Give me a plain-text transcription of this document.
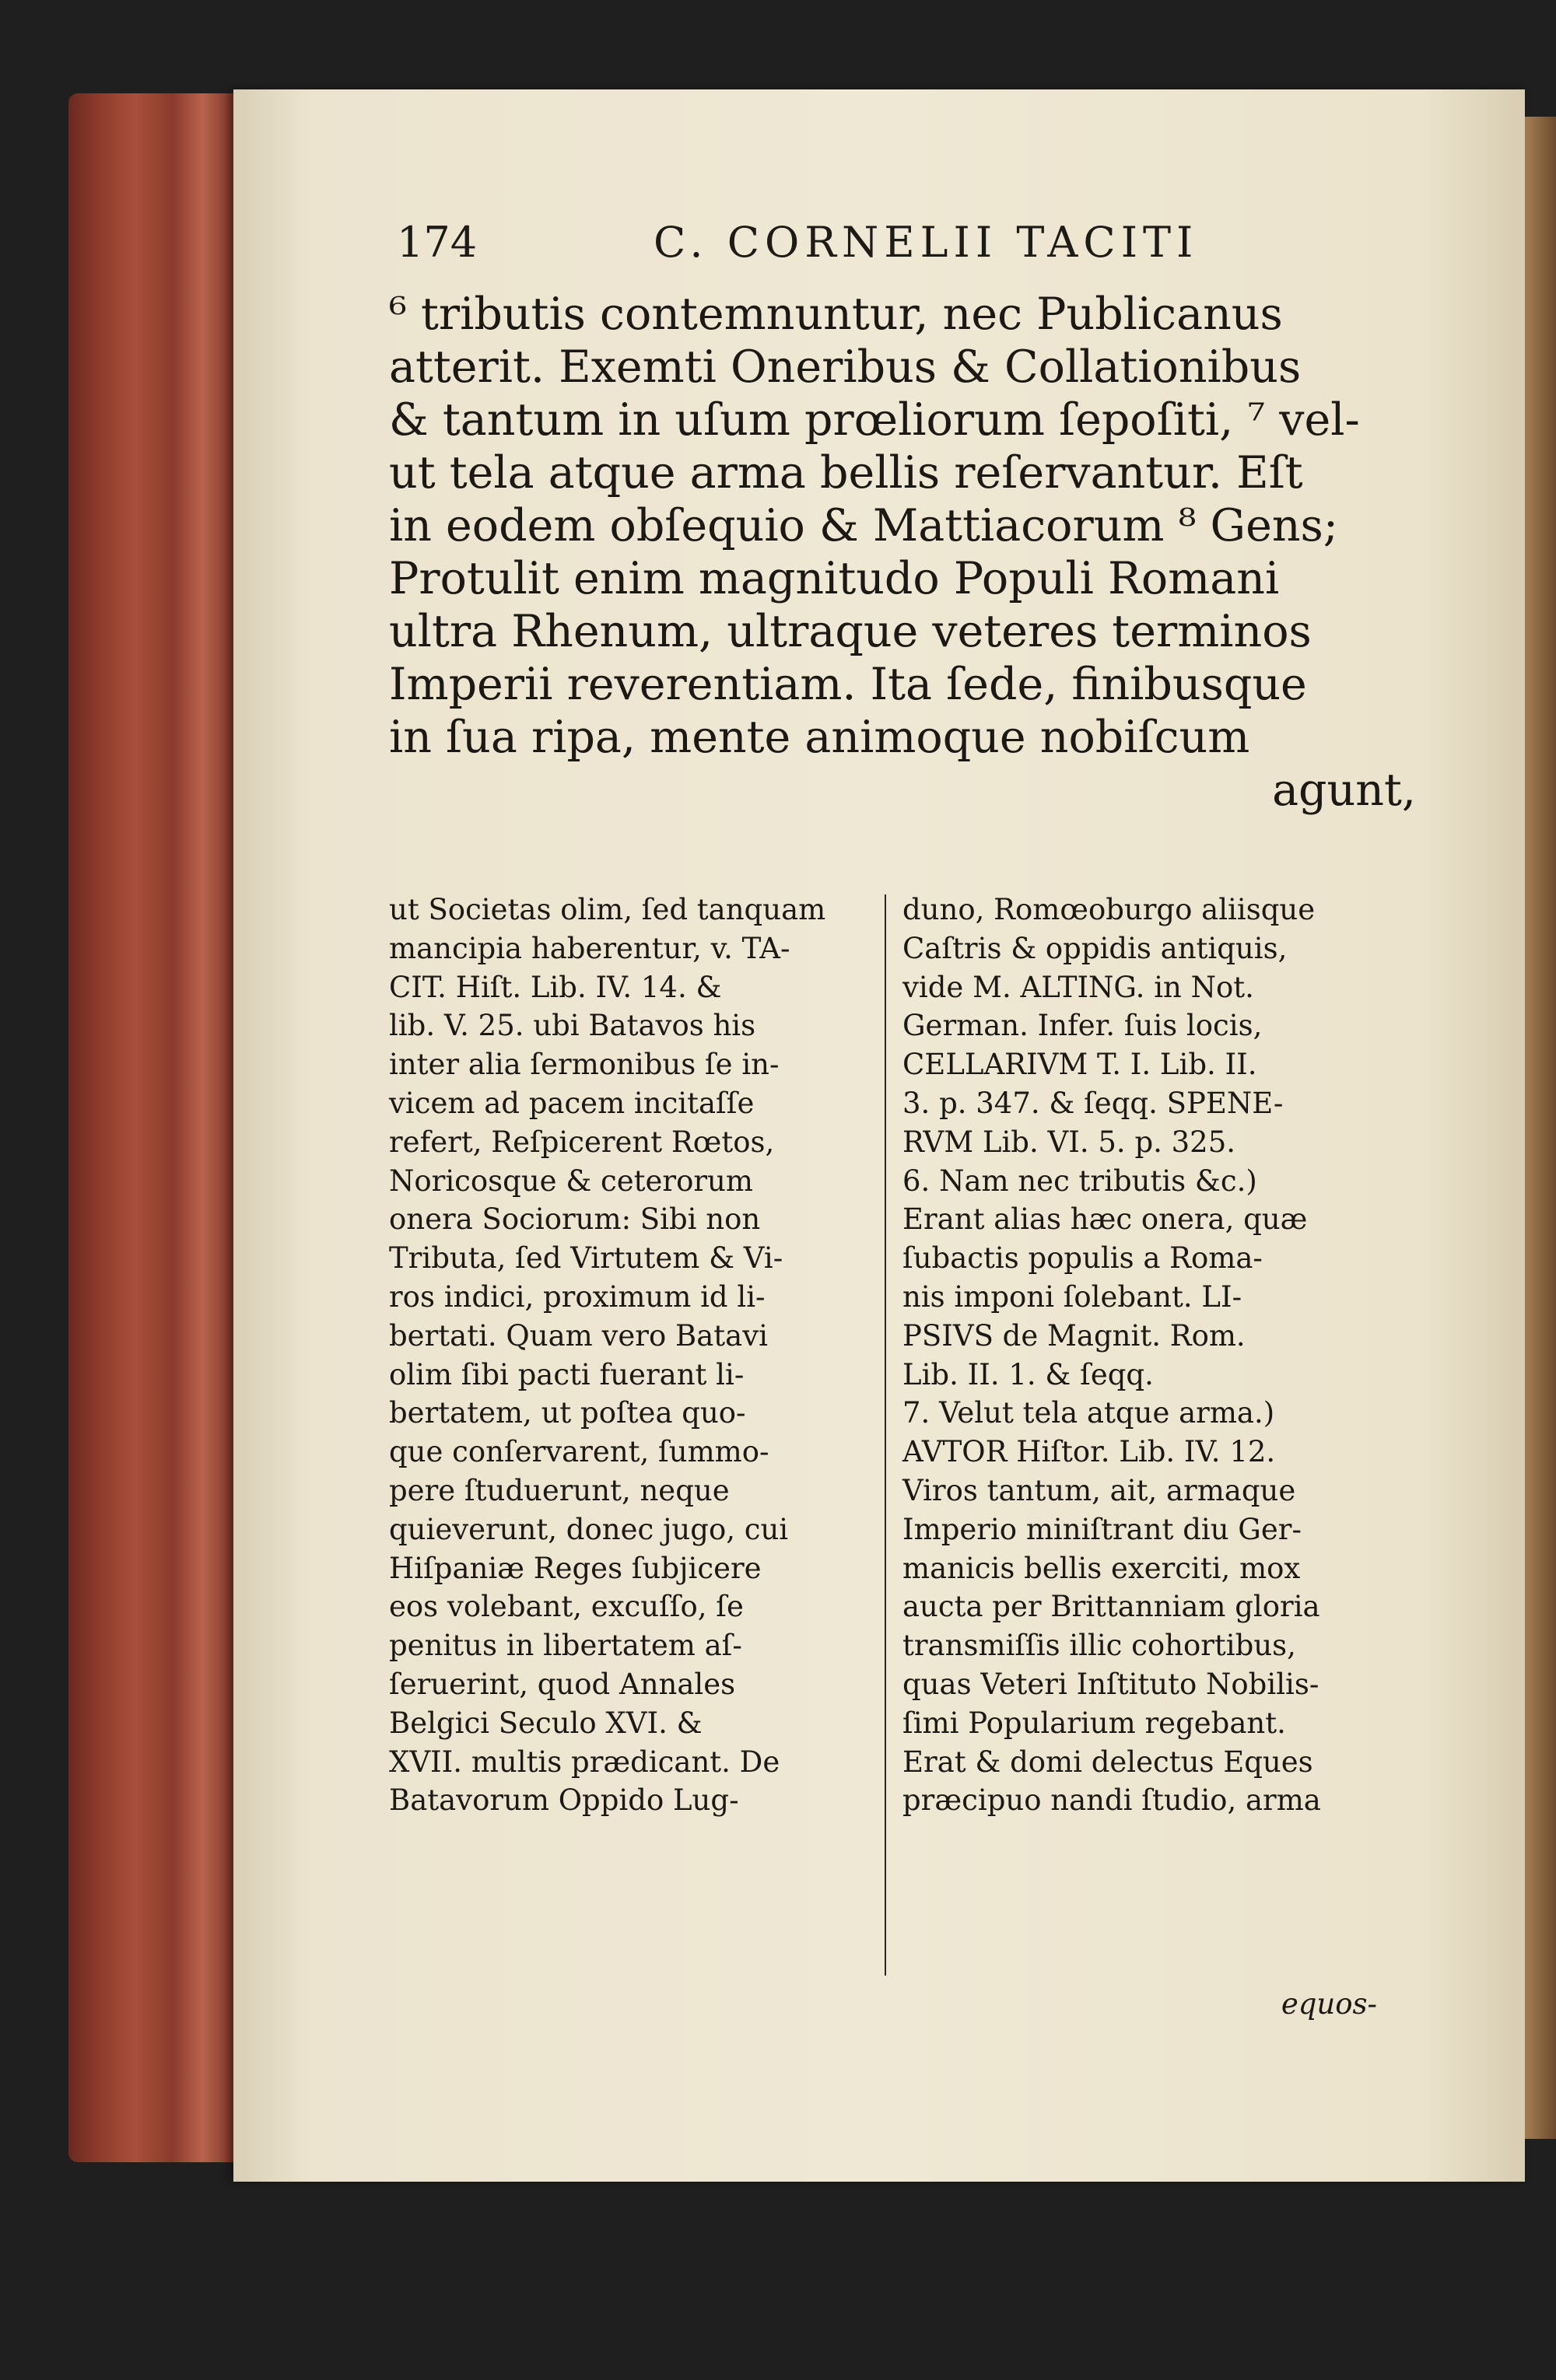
174	C. CORNELII TACITI
⁶ tributis contemnuntur, nec Publicanus
atterit. Exemti Oneribus & Collationibus
& tantum in uſum prœliorum ſepoſiti, ⁷ vel-
ut tela atque arma bellis reſervantur. Eſt
in eodem obſequio & Mattiacorum ⁸ Gens;
Protulit enim magnitudo Populi Romani
ultra Rhenum, ultraque veteres terminos
Imperii reverentiam. Ita ſede, finibusque
in ſua ripa, mente animoque nobiſcum
agunt,
ut Societas olim, ſed tanquam
mancipia haberentur, v. TA-
CIT. Hiſt. Lib. IV. 14. &
lib. V. 25. ubi Batavos his
inter alia ſermonibus ſe in-
vicem ad pacem incitaſſe
refert, Reſpicerent Rœtos,
Noricosque & ceterorum
onera Sociorum: Sibi non
Tributa, ſed Virtutem & Vi-
ros indici, proximum id li-
bertati. Quam vero Batavi
olim ſibi pacti fuerant li-
bertatem, ut poſtea quo-
que conſervarent, ſummo-
pere ſtuduerunt, neque
quieverunt, donec jugo, cui
Hiſpaniæ Reges ſubjicere
eos volebant, excuſſo, ſe
penitus in libertatem aſ-
ſeruerint, quod Annales
Belgici Seculo XVI. &
XVII. multis prædicant. De
Batavorum Oppido Lug-
duno, Romœoburgo aliisque
Caſtris & oppidis antiquis,
vide M. ALTING. in Not.
German. Infer. ſuis locis,
CELLARIVM T. I. Lib. II.
3. p. 347. & ſeqq. SPENE-
RVM Lib. VI. 5. p. 325.
6. Nam nec tributis &c.)
Erant alias hæc onera, quæ
ſubactis populis a Roma-
nis imponi ſolebant. LI-
PSIVS de Magnit. Rom.
Lib. II. 1. & ſeqq.
7. Velut tela atque arma.)
AVTOR Hiſtor. Lib. IV. 12.
Viros tantum, ait, armaque
Imperio miniſtrant diu Ger-
manicis bellis exerciti, mox
aucta per Brittanniam gloria
transmiſſis illic cohortibus,
quas Veteri Inſtituto Nobilis-
ſimi Popularium regebant.
Erat & domi delectus Eques
præcipuo nandi ſtudio, arma
equos-
